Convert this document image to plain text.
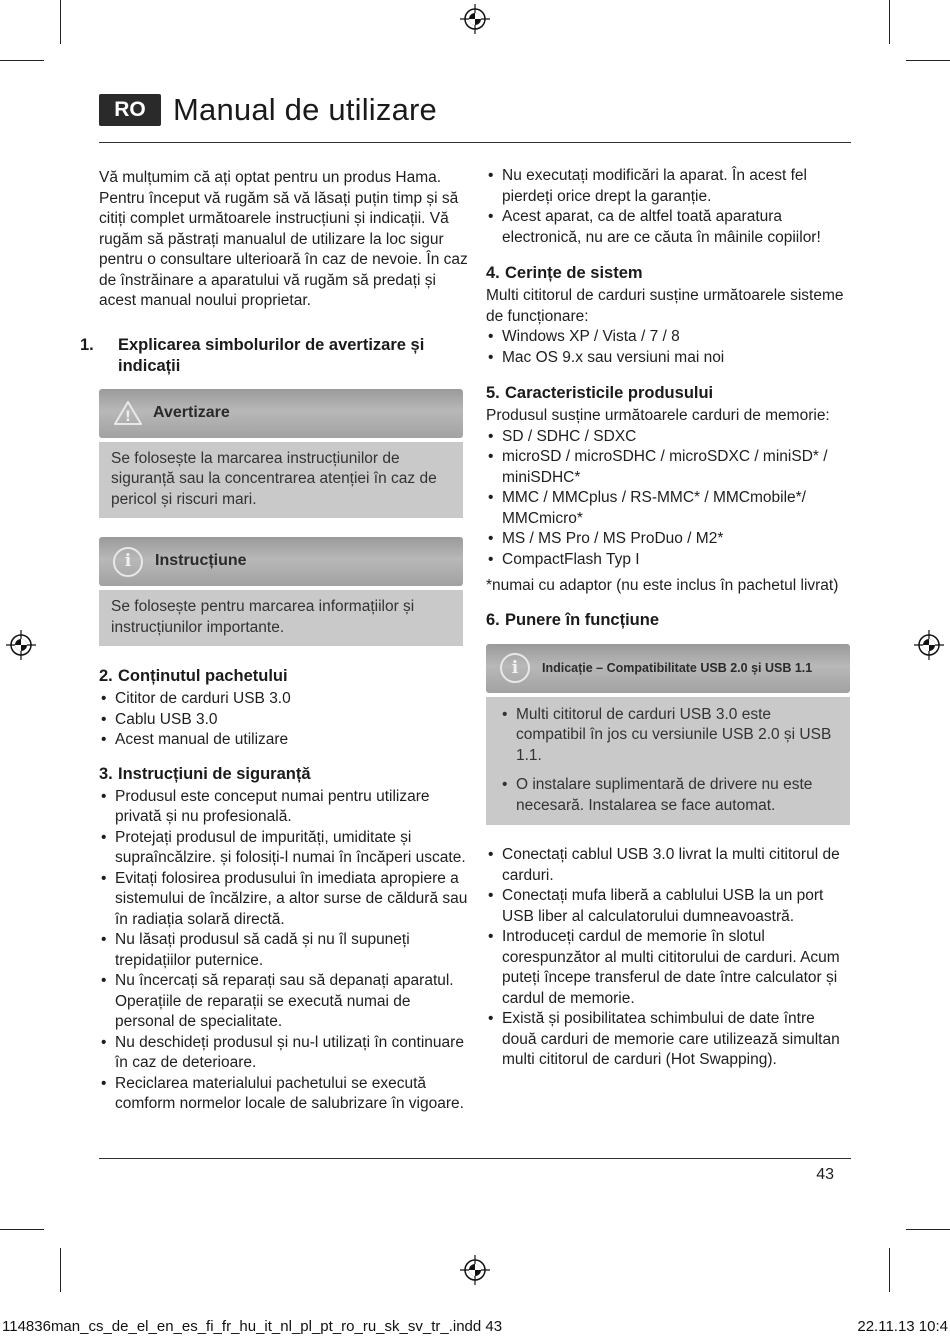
RO Manual de utilizare

Vă mulțumim că ați optat pentru un produs Hama. Pentru început vă rugăm să vă lăsați puțin timp și să citiți complet următoarele instrucțiuni și indicații. Vă rugăm să păstrați manualul de utilizare la loc sigur pentru o consultare ulterioară în caz de nevoie. În caz de înstrăinare a aparatului vă rugăm să predați și acest manual noului proprietar.

1. Explicarea simbolurilor de avertizare și indicații
! Avertizare
Se folosește la marcarea instrucțiunilor de siguranță sau la concentrarea atenției în caz de pericol și riscuri mari.
i	Instrucțiune
Se folosește pentru marcarea informațiilor și instrucțiunilor importante.
2. Conținutul pachetului
• Cititor de carduri USB 3.0
• Cablu USB 3.0
• Acest manual de utilizare
3. Instrucțiuni de siguranță
• Produsul este conceput numai pentru utilizare privată și nu profesională.
• Protejați produsul de impurități, umiditate și supraîncălzire. și folosiți-l numai în încăperi uscate.
• Evitați folosirea produsului în imediata apropiere a sistemului de încălzire, a altor surse de căldură sau în radiația solară directă.
• Nu lăsați produsul să cadă și nu îl supuneți trepidațiilor puternice.
• Nu încercați să reparați sau să depanați aparatul. Operațiile de reparații se execută numai de personal de specialitate.
• Nu deschideți produsul și nu-l utilizați în continuare în caz de deterioare.
• Reciclarea materialului pachetului se execută comform normelor locale de salubrizare în vigoare.
• Nu executați modificări la aparat. În acest fel pierdeți orice drept la garanție.
• Acest aparat, ca de altfel toată aparatura electronică, nu are ce căuta în mâinile copiilor!
4. Cerințe de sistem

Multi cititorul de carduri susține următoarele sisteme de funcționare:

• Windows XP / Vista / 7 / 8
• Mac OS 9.x sau versiuni mai noi
5. Caracteristicile produsului

Produsul susține următoarele carduri de memorie:

• SD / SDHC / SDXC
• microSD / microSDHC / microSDXC / miniSD* / miniSDHC*
• MMC / MMCplus / RS-MMC* / MMCmobile*/ MMCmicro*
• MS / MS Pro / MS ProDuo / M2*
• CompactFlash Typ I

*numai cu adaptor (nu este inclus în pachetul livrat)

6. Punere în funcțiune
i	Indicație – Compatibilitate USB 2.0 și USB 1.1
• Multi cititorul de carduri USB 3.0 este compatibil în jos cu versiunile USB 2.0 și USB 1.1.
• O instalare suplimentară de drivere nu este necesară. Instalarea se face automat.
• Conectați cablul USB 3.0 livrat la multi cititorul de carduri.
• Conectați mufa liberă a cablului USB la un port USB liber al calculatorului dumneavoastră.
• Introduceți cardul de memorie în slotul corespunzător al multi cititorului de carduri. Acum puteți începe transferul de date între calculator și cardul de memorie.
• Există și posibilitatea schimbului de date între două carduri de memorie care utilizează simultan multi cititorul de carduri (Hot Swapping).
43
114836man_cs_de_el_en_es_fi_fr_hu_it_nl_pl_pt_ro_ru_sk_sv_tr_.indd 43	22.11.13 10:4
